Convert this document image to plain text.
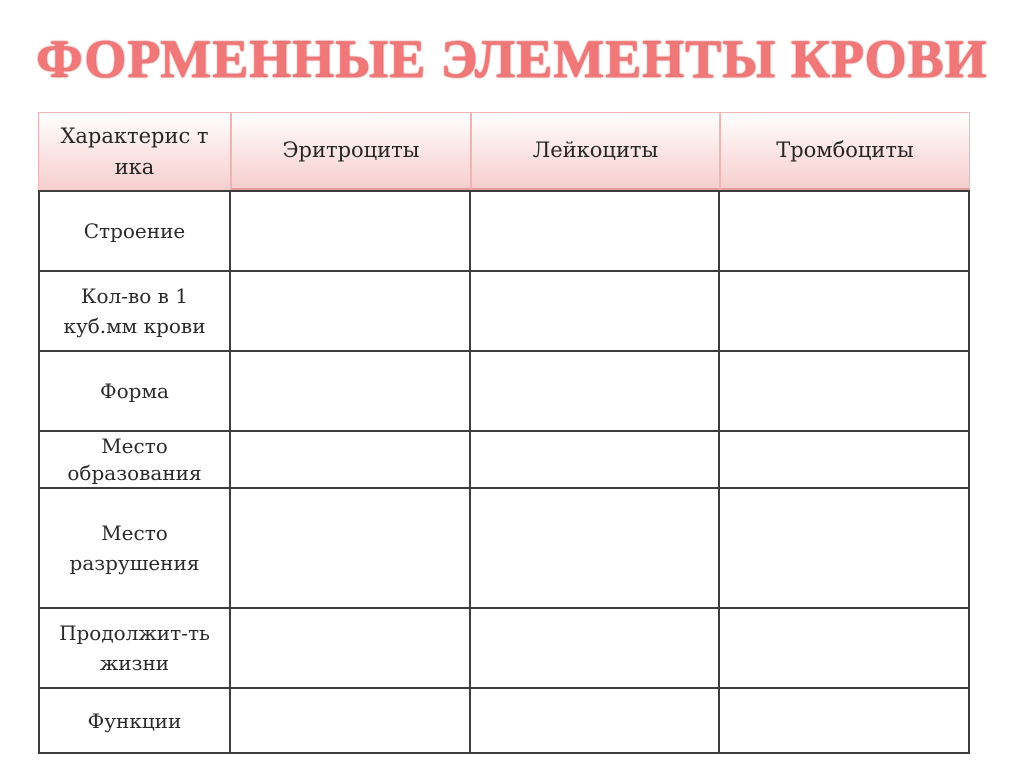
ФОРМЕННЫЕ ЭЛЕМЕНТЫ КРОВИ
Характерис тика
Эритроциты	Лейкоциты	Тромбоциты
Строение
Кол-во в 1 куб.мм крови
Форма
Место образования
Место разрушения
Продолжит-ть жизни
Функции
